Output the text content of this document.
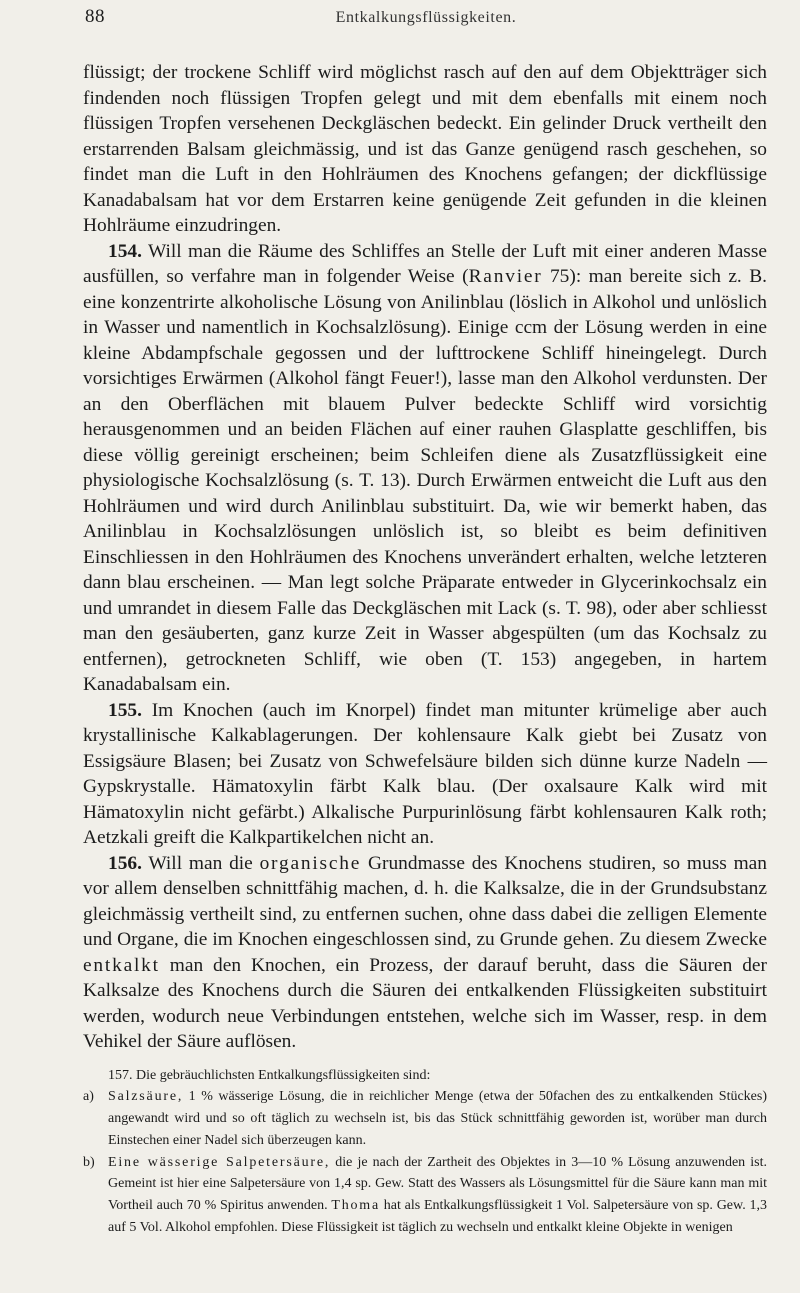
88	Entkalkungsflüssigkeiten.

flüssigt; der trockene Schliff wird möglichst rasch auf den auf dem Objektträger sich findenden noch flüssigen Tropfen gelegt und mit dem ebenfalls mit einem noch flüssigen Tropfen versehenen Deckgläschen bedeckt. Ein gelinder Druck vertheilt den erstarrenden Balsam gleichmässig, und ist das Ganze genügend rasch geschehen, so findet man die Luft in den Hohlräumen des Knochens gefangen; der dickflüssige Kanadabalsam hat vor dem Erstarren keine genügende Zeit gefunden in die kleinen Hohlräume einzudringen.

154. Will man die Räume des Schliffes an Stelle der Luft mit einer anderen Masse ausfüllen, so verfahre man in folgender Weise (Ranvier 75): man bereite sich z. B. eine konzentrirte alkoholische Lösung von Anilinblau (löslich in Alkohol und unlöslich in Wasser und namentlich in Kochsalzlösung). Einige ccm der Lösung werden in eine kleine Abdampfschale gegossen und der lufttrockene Schliff hineingelegt. Durch vorsichtiges Erwärmen (Alkohol fängt Feuer!), lasse man den Alkohol verdunsten. Der an den Oberflächen mit blauem Pulver bedeckte Schliff wird vorsichtig herausgenommen und an beiden Flächen auf einer rauhen Glasplatte geschliffen, bis diese völlig gereinigt erscheinen; beim Schleifen diene als Zusatzflüssigkeit eine physiologische Kochsalzlösung (s. T. 13). Durch Erwärmen entweicht die Luft aus den Hohlräumen und wird durch Anilinblau substituirt. Da, wie wir bemerkt haben, das Anilinblau in Kochsalzlösungen unlöslich ist, so bleibt es beim definitiven Einschliessen in den Hohlräumen des Knochens unverändert erhalten, welche letzteren dann blau erscheinen. — Man legt solche Präparate entweder in Glycerinkochsalz ein und umrandet in diesem Falle das Deckgläschen mit Lack (s. T. 98), oder aber schliesst man den gesäuberten, ganz kurze Zeit in Wasser abgespülten (um das Kochsalz zu entfernen), getrockneten Schliff, wie oben (T. 153) angegeben, in hartem Kanadabalsam ein.

155. Im Knochen (auch im Knorpel) findet man mitunter krümelige aber auch krystallinische Kalkablagerungen. Der kohlensaure Kalk giebt bei Zusatz von Essigsäure Blasen; bei Zusatz von Schwefelsäure bilden sich dünne kurze Nadeln — Gypskrystalle. Hämatoxylin färbt Kalk blau. (Der oxalsaure Kalk wird mit Hämatoxylin nicht gefärbt.) Alkalische Purpurinlösung färbt kohlensauren Kalk roth; Aetzkali greift die Kalkpartikelchen nicht an.

156. Will man die organische Grundmasse des Knochens studiren, so muss man vor allem denselben schnittfähig machen, d. h. die Kalksalze, die in der Grundsubstanz gleichmässig vertheilt sind, zu entfernen suchen, ohne dass dabei die zelligen Elemente und Organe, die im Knochen eingeschlossen sind, zu Grunde gehen. Zu diesem Zwecke entkalkt man den Knochen, ein Prozess, der darauf beruht, dass die Säuren der Kalksalze des Knochens durch die Säuren dei entkalkenden Flüssigkeiten substituirt werden, wodurch neue Verbindungen entstehen, welche sich im Wasser, resp. in dem Vehikel der Säure auflösen.

157. Die gebräuchlichsten Entkalkungsflüssigkeiten sind:

a) Salzsäure, 1 % wässerige Lösung, die in reichlicher Menge (etwa der 50fachen des zu entkalkenden Stückes) angewandt wird und so oft täglich zu wechseln ist, bis das Stück schnittfähig geworden ist, worüber man durch Einstechen einer Nadel sich überzeugen kann.

b) Eine wässerige Salpetersäure, die je nach der Zartheit des Objektes in 3—10 % Lösung anzuwenden ist. Gemeint ist hier eine Salpetersäure von 1,4 sp. Gew. Statt des Wassers als Lösungsmittel für die Säure kann man mit Vortheil auch 70 % Spiritus anwenden. Thoma hat als Entkalkungsflüssigkeit 1 Vol. Salpetersäure von sp. Gew. 1,3 auf 5 Vol. Alkohol empfohlen. Diese Flüssigkeit ist täglich zu wechseln und entkalkt kleine Objekte in wenigen
